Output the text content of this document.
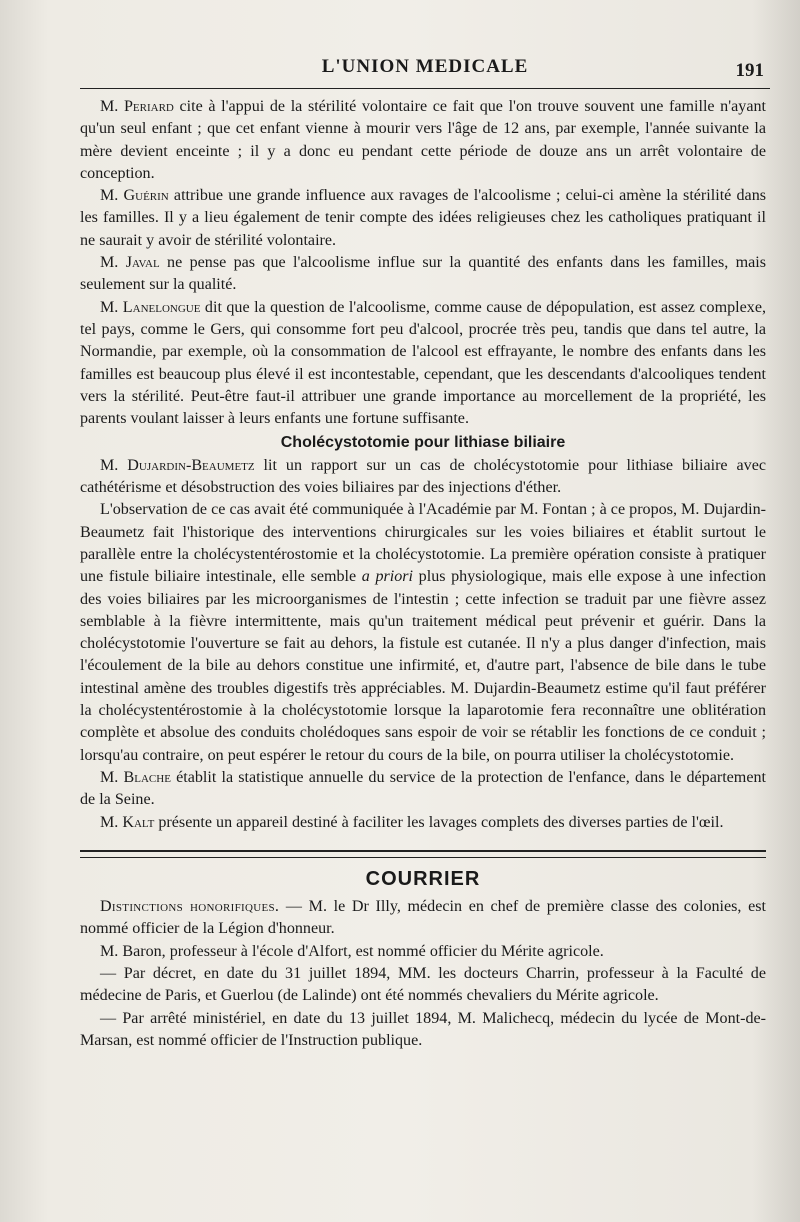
L'UNION MEDICALE	191

M. Periard cite à l'appui de la stérilité volontaire ce fait que l'on trouve souvent une famille n'ayant qu'un seul enfant ; que cet enfant vienne à mourir vers l'âge de 12 ans, par exemple, l'année suivante la mère devient enceinte ; il y a donc eu pendant cette période de douze ans un arrêt volontaire de conception.

M. Guérin attribue une grande influence aux ravages de l'alcoolisme ; celui-ci amène la stérilité dans les familles. Il y a lieu également de tenir compte des idées religieuses chez les catholiques pratiquant il ne saurait y avoir de stérilité volontaire.

M. Javal ne pense pas que l'alcoolisme influe sur la quantité des enfants dans les familles, mais seulement sur la qualité.

M. Lanelongue dit que la question de l'alcoolisme, comme cause de dépopulation, est assez complexe, tel pays, comme le Gers, qui consomme fort peu d'alcool, procrée très peu, tandis que dans tel autre, la Normandie, par exemple, où la consommation de l'alcool est effrayante, le nombre des enfants dans les familles est beaucoup plus élevé il est incontestable, cependant, que les descendants d'alcooliques tendent vers la stérilité. Peut-être faut-il attribuer une grande importance au morcellement de la propriété, les parents voulant laisser à leurs enfants une fortune suffisante.

Cholécystotomie pour lithiase biliaire

M. Dujardin-Beaumetz lit un rapport sur un cas de cholécystotomie pour lithiase biliaire avec cathétérisme et désobstruction des voies biliaires par des injections d'éther.

L'observation de ce cas avait été communiquée à l'Académie par M. Fontan ; à ce propos, M. Dujardin-Beaumetz fait l'historique des interventions chirurgicales sur les voies biliaires et établit surtout le parallèle entre la cholécystentérostomie et la cholécystotomie. La première opération consiste à pratiquer une fistule biliaire intestinale, elle semble a priori plus physiologique, mais elle expose à une infection des voies biliaires par les microorganismes de l'intestin ; cette infection se traduit par une fièvre assez semblable à la fièvre intermittente, mais qu'un traitement médical peut prévenir et guérir. Dans la cholécystotomie l'ouverture se fait au dehors, la fistule est cutanée. Il n'y a plus danger d'infection, mais l'écoulement de la bile au dehors constitue une infirmité, et, d'autre part, l'absence de bile dans le tube intestinal amène des troubles digestifs très appréciables. M. Dujardin-Beaumetz estime qu'il faut préférer la cholécystentérostomie à la cholécystotomie lorsque la laparotomie fera reconnaître une oblitération complète et absolue des conduits cholédoques sans espoir de voir se rétablir les fonctions de ce conduit ; lorsqu'au contraire, on peut espérer le retour du cours de la bile, on pourra utiliser la cholécystotomie.

M. Blache établit la statistique annuelle du service de la protection de l'enfance, dans le département de la Seine.

M. Kalt présente un appareil destiné à faciliter les lavages complets des diverses parties de l'œil.

COURRIER

Distinctions honorifiques. — M. le Dr Illy, médecin en chef de première classe des colonies, est nommé officier de la Légion d'honneur.

M. Baron, professeur à l'école d'Alfort, est nommé officier du Mérite agricole.

— Par décret, en date du 31 juillet 1894, MM. les docteurs Charrin, professeur à la Faculté de médecine de Paris, et Guerlou (de Lalinde) ont été nommés chevaliers du Mérite agricole.

— Par arrêté ministériel, en date du 13 juillet 1894, M. Malichecq, médecin du lycée de Mont-de-Marsan, est nommé officier de l'Instruction publique.
